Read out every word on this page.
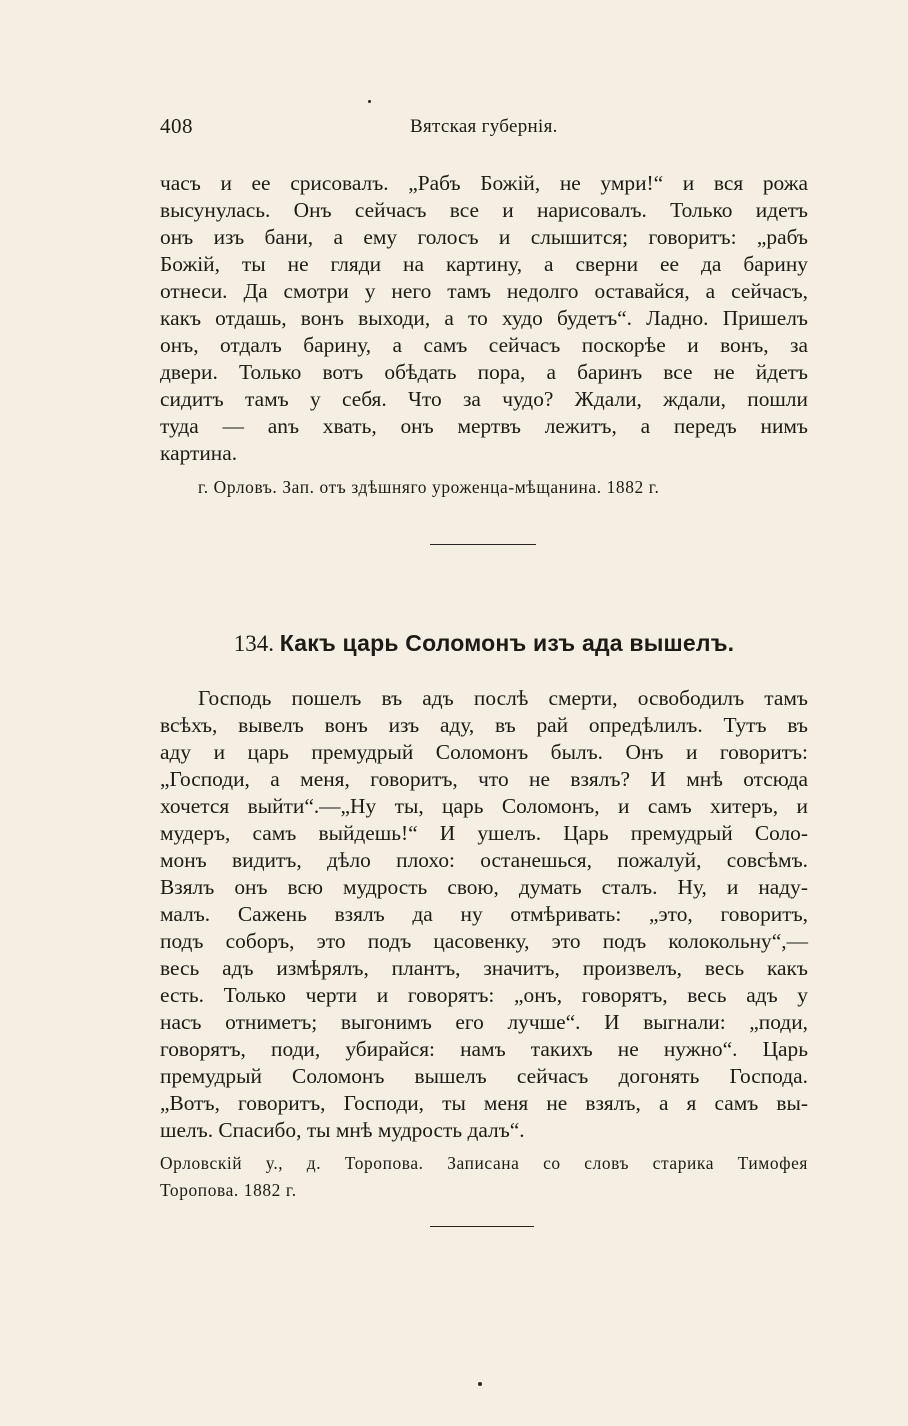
408	Вятская губернія.

часъ и ее срисовалъ. „Рабъ Божій, не умри!“ и вся рожа
высунулась. Онъ сейчасъ все и нарисовалъ. Только идетъ
онъ изъ бани, а ему голосъ и слышится; говоритъ: „рабъ
Божій, ты не гляди на картину, а сверни ее да барину
отнеси. Да смотри у него тамъ недолго оставайся, а сейчасъ,
какъ отдашь, вонъ выходи, а то худо будетъ“. Ладно. Пришелъ
онъ, отдалъ барину, а самъ сейчасъ поскорѣе и вонъ, за
двери. Только вотъ обѣдать пора, а баринъ все не йдетъ
сидитъ тамъ у себя. Что за чудо? Ждали, ждали, пошли
туда — anъ хвать, онъ мертвъ лежитъ, а передъ нимъ
картина.

г. Орловъ. Зап. отъ здѣшняго уроженца-мѣщанина. 1882 г.
134. Какъ царь Соломонъ изъ ада вышелъ.

Господь пошелъ въ адъ послѣ смерти, освободилъ тамъ
всѣхъ, вывелъ вонъ изъ аду, въ рай опредѣлилъ. Тутъ въ
аду и царь премудрый Соломонъ былъ. Онъ и говоритъ:
„Господи, а меня, говоритъ, что не взялъ? И мнѣ отсюда
хочется выйти“.—„Ну ты, царь Соломонъ, и самъ хитеръ, и
мудеръ, самъ выйдешь!“ И ушелъ. Царь премудрый Соло-
монъ видитъ, дѣло плохо: останешься, пожалуй, совсѣмъ.
Взялъ онъ всю мудрость свою, думать сталъ. Ну, и наду-
малъ. Сажень взялъ да ну отмѣривать: „это, говоритъ,
подъ соборъ, это подъ цасовенку, это подъ колокольну“,—
весь адъ измѣрялъ, плантъ, значитъ, произвелъ, весь какъ
есть. Только черти и говорятъ: „онъ, говорятъ, весь адъ у
насъ отниметъ; выгонимъ его лучше“. И выгнали: „поди,
говорятъ, поди, убирайся: намъ такихъ не нужно“. Царь
премудрый Соломонъ вышелъ сейчасъ догонять Господа.
„Вотъ, говоритъ, Господи, ты меня не взялъ, а я самъ вы-
шелъ. Спасибо, ты мнѣ мудрость далъ“.

Орловскій у., д. Торопова. Записана со словъ старика Тимофея
Торопова. 1882 г.
